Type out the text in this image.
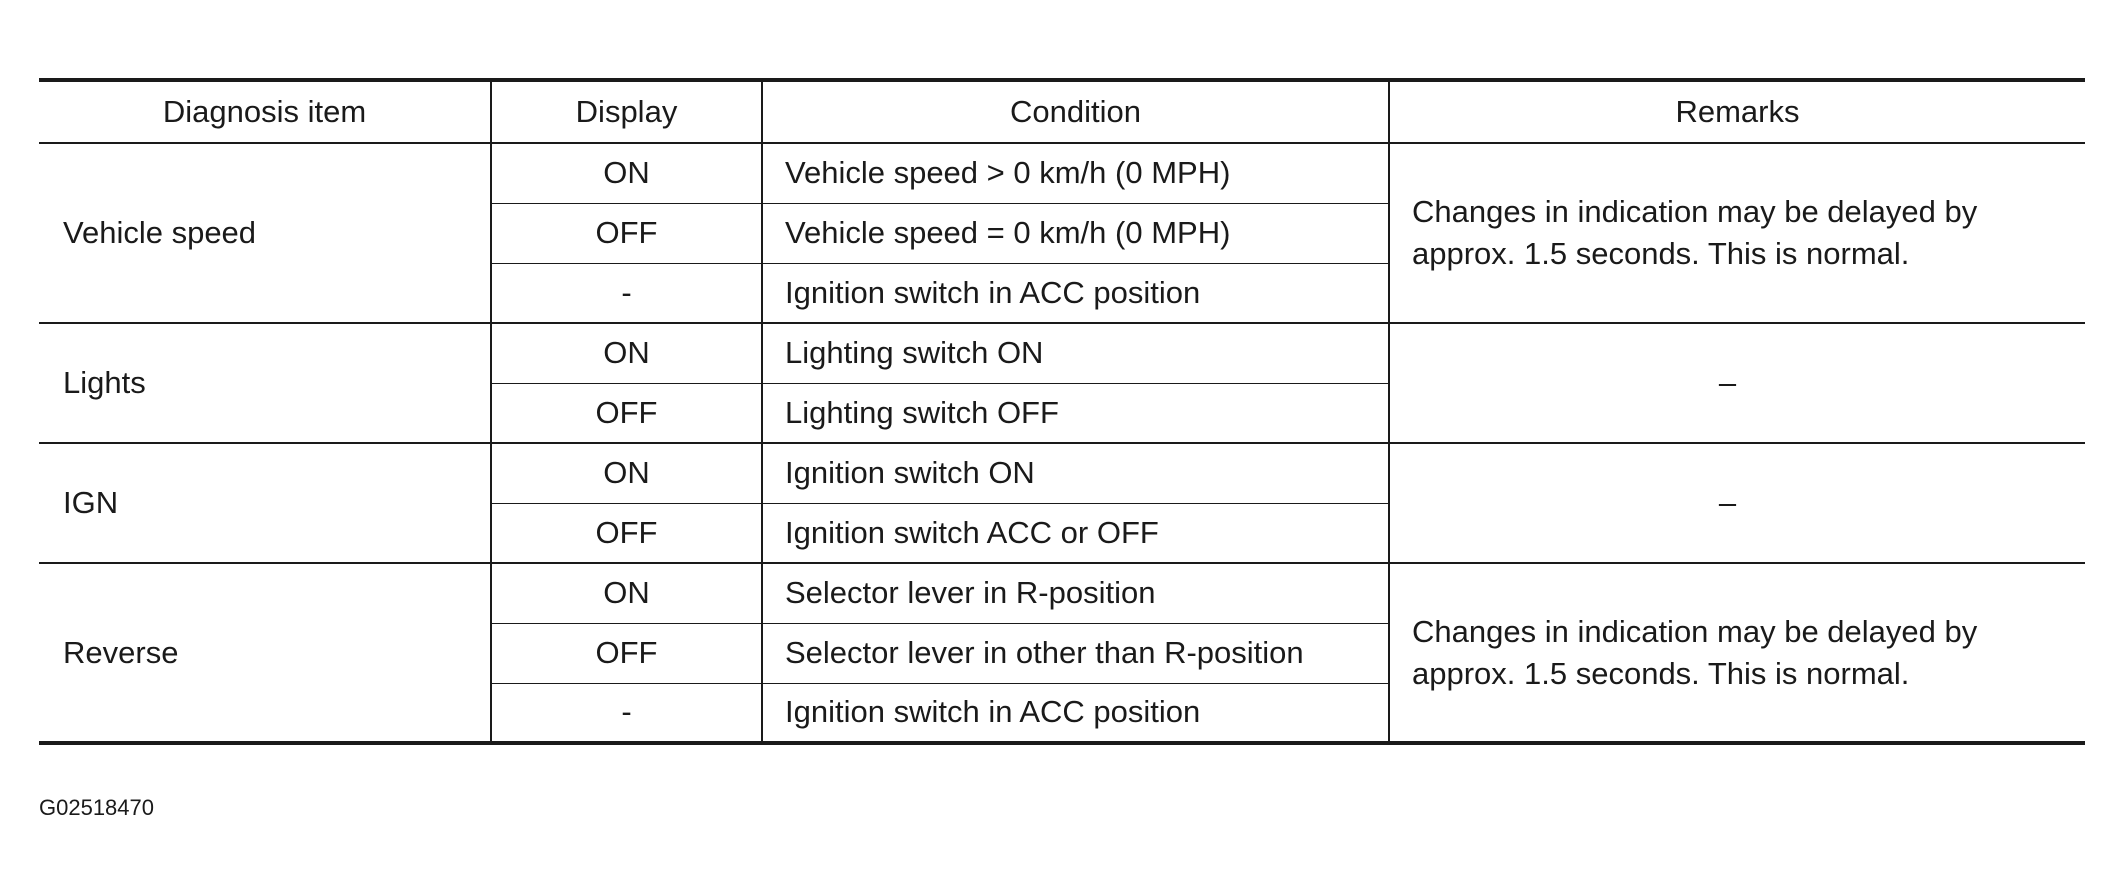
Diagnosis item	Display	Condition	Remarks
Vehicle speed	ON	Vehicle speed > 0 km/h (0 MPH)	Changes in indication may be delayed by approx. 1.5 seconds. This is normal.
	OFF	Vehicle speed = 0 km/h (0 MPH)	
	-	Ignition switch in ACC position	
Lights	ON	Lighting switch ON	–
	OFF	Lighting switch OFF	
IGN	ON	Ignition switch ON	–
	OFF	Ignition switch ACC or OFF	
Reverse	ON	Selector lever in R-position	Changes in indication may be delayed by approx. 1.5 seconds. This is normal.
	OFF	Selector lever in other than R-position	
	-	Ignition switch in ACC position	
G02518470
